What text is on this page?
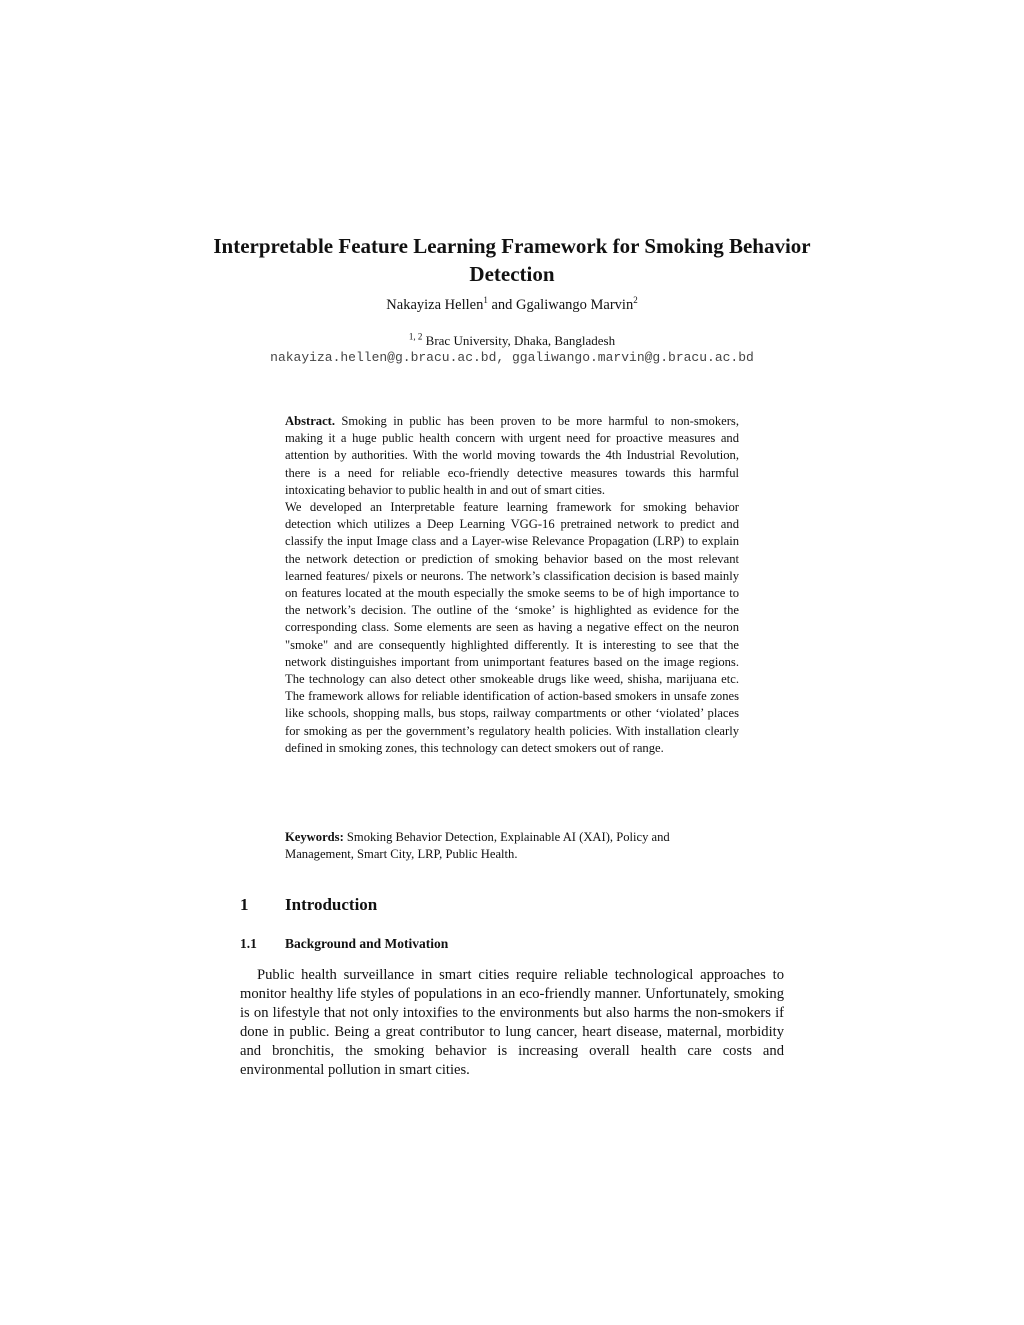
Interpretable Feature Learning Framework for Smoking Behavior Detection
Nakayiza Hellen$^1$ and Ggaliwango Marvin$^2$
$^{1, 2}$ Brac University, Dhaka, Bangladesh
nakayiza.hellen@g.bracu.ac.bd, ggaliwango.marvin@g.bracu.ac.bd

Abstract. Smoking in public has been proven to be more harmful to non-smokers, making it a huge public health concern with urgent need for proactive measures and attention by authorities. With the world moving towards the 4th Industrial Revolution, there is a need for reliable eco-friendly detective measures towards this harmful intoxicating behavior to public health in and out of smart cities.

We developed an Interpretable feature learning framework for smoking behavior detection which utilizes a Deep Learning VGG-16 pretrained network to predict and classify the input Image class and a Layer-wise Relevance Propagation (LRP) to explain the network detection or prediction of smoking behavior based on the most relevant learned features/ pixels or neurons. The network’s classification decision is based mainly on features located at the mouth especially the smoke seems to be of high importance to the network’s decision. The outline of the ‘smoke’ is highlighted as evidence for the corresponding class. Some elements are seen as having a negative effect on the neuron "smoke" and are consequently highlighted differently. It is interesting to see that the network distinguishes important from unimportant features based on the image regions. The technology can also detect other smokeable drugs like weed, shisha, marijuana etc. The framework allows for reliable identification of action-based smokers in unsafe zones like schools, shopping malls, bus stops, railway compartments or other ‘violated’ places for smoking as per the government’s regulatory health policies. With installation clearly defined in smoking zones, this technology can detect smokers out of range.

Keywords: Smoking Behavior Detection, Explainable AI (XAI), Policy and Management, Smart City, LRP, Public Health.

1 Introduction
1.1 Background and Motivation

Public health surveillance in smart cities require reliable technological approaches to monitor healthy life styles of populations in an eco-friendly manner. Unfortunately, smoking is on lifestyle that not only intoxifies to the environments but also harms the non-smokers if done in public. Being a great contributor to lung cancer, heart disease, maternal, morbidity and bronchitis, the smoking behavior is increasing overall health care costs and environmental pollution in smart cities.
